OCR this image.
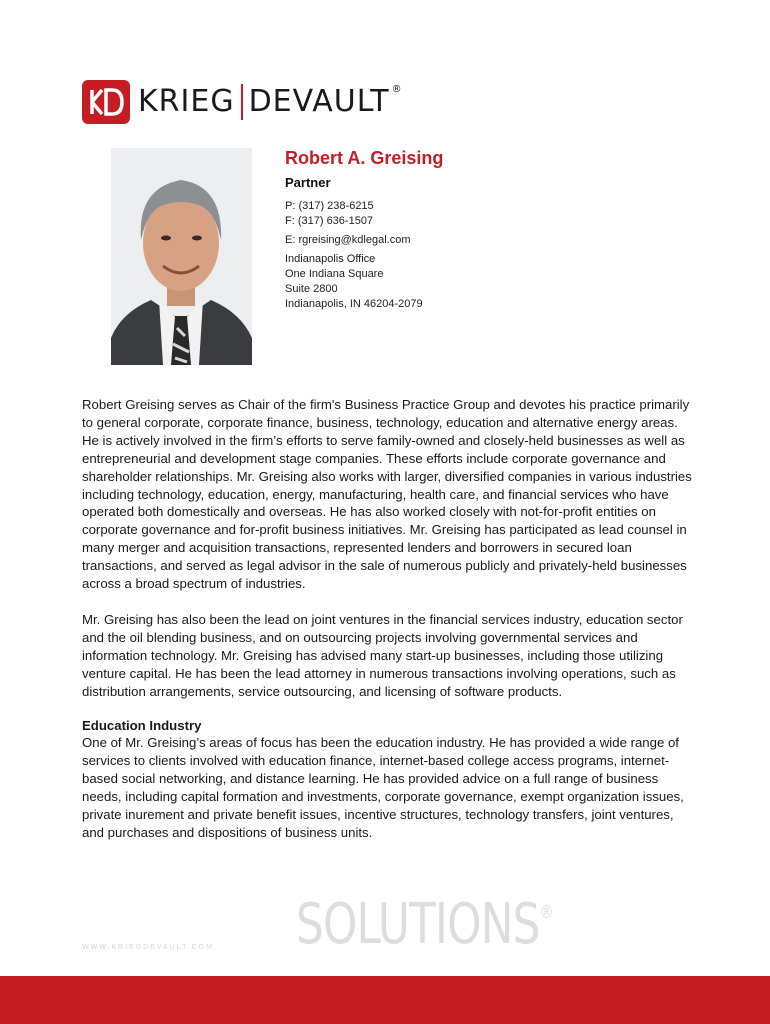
KRIEG DEVAULT ®
Robert A. Greising
Partner
P: (317) 238-6215
F: (317) 636-1507
E: rgreising@kdlegal.com
Indianapolis Office
One Indiana Square
Suite 2800
Indianapolis, IN 46204-2079

Robert Greising serves as Chair of the firm's Business Practice Group and devotes his practice primarily to general corporate, corporate finance, business, technology, education and alternative energy areas. He is actively involved in the firm’s efforts to serve family-owned and closely-held businesses as well as entrepreneurial and development stage companies. These efforts include corporate governance and shareholder relationships. Mr. Greising also works with larger, diversified companies in various industries including technology, education, energy, manufacturing, health care, and financial services who have operated both domestically and overseas. He has also worked closely with not-for-profit entities on corporate governance and for-profit business initiatives. Mr. Greising has participated as lead counsel in many merger and acquisition transactions, represented lenders and borrowers in secured loan transactions, and served as legal advisor in the sale of numerous publicly and privately-held businesses across a broad spectrum of industries.

Mr. Greising has also been the lead on joint ventures in the financial services industry, education sector and the oil blending business, and on outsourcing projects involving governmental services and information technology. Mr. Greising has advised many start-up businesses, including those utilizing venture capital. He has been the lead attorney in numerous transactions involving operations, such as distribution arrangements, service outsourcing, and licensing of software products.

Education Industry

One of Mr. Greising’s areas of focus has been the education industry. He has provided a wide range of services to clients involved with education finance, internet-based college access programs, internet-based social networking, and distance learning. He has provided advice on a full range of business needs, including capital formation and investments, corporate governance, exempt organization issues, private inurement and private benefit issues, incentive structures, technology transfers, joint ventures, and purchases and dispositions of business units.

SOLUTIONS®
WWW.KRIEGDEVAULT.COM
